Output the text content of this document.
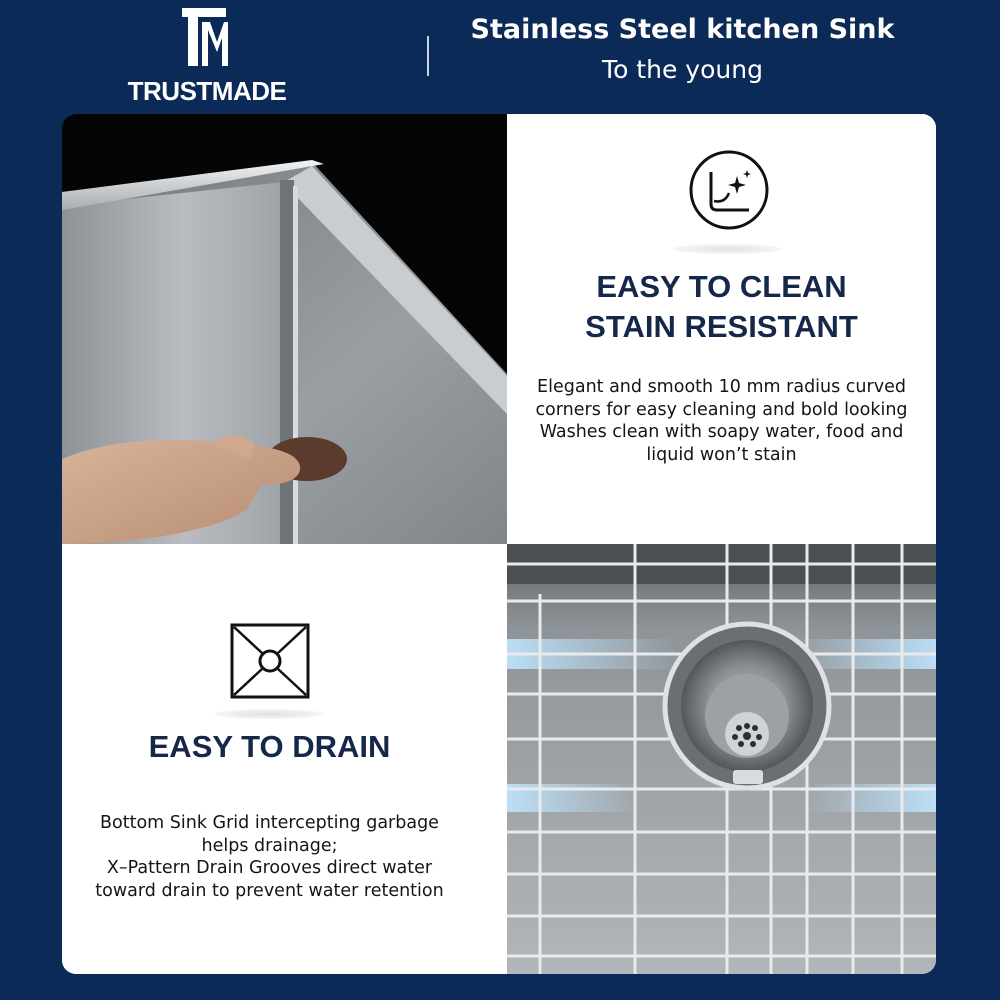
TRUSTMADE
Stainless Steel kitchen Sink
To the young
EASY TO CLEAN
STAIN RESISTANT
Elegant and smooth 10 mm radius curved
corners for easy cleaning and bold looking
Washes clean with soapy water, food and
liquid won’t stain
EASY TO DRAIN
Bottom Sink Grid intercepting garbage
helps drainage;
X–Pattern Drain Grooves direct water
toward drain to prevent water retention
